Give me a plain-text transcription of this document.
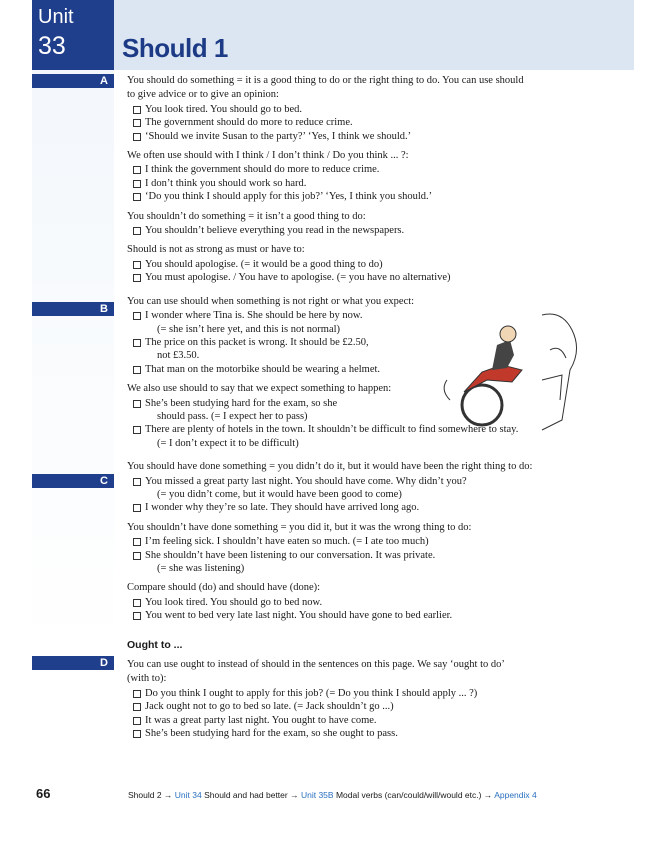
Unit
33 Should 1
A
B
C
D
You should do something = it is a good thing to do or the right thing to do. You can use should
to give advice or to give an opinion:
You look tired. You should go to bed.
The government should do more to reduce crime.
‘Should we invite Susan to the party?’ ‘Yes, I think we should.’
We often use should with I think / I don’t think / Do you think ... ?:
I think the government should do more to reduce crime.
I don’t think you should work so hard.
‘Do you think I should apply for this job?’ ‘Yes, I think you should.’
You shouldn’t do something = it isn’t a good thing to do:
You shouldn’t believe everything you read in the newspapers.
Should is not as strong as must or have to:
You should apologise. (= it would be a good thing to do)
You must apologise. / You have to apologise. (= you have no alternative)
You can use should when something is not right or what you expect:
I wonder where Tina is. She should be here by now.
(= she isn’t here yet, and this is not normal)
The price on this packet is wrong. It should be £2.50,
not £3.50.
That man on the motorbike should be wearing a helmet.
We also use should to say that we expect something to happen:
She’s been studying hard for the exam, so she
should pass. (= I expect her to pass)
There are plenty of hotels in the town. It shouldn’t be difficult to find somewhere to stay.
(= I don’t expect it to be difficult)
You should have done something = you didn’t do it, but it would have been the right thing to do:
You missed a great party last night. You should have come. Why didn’t you?
(= you didn’t come, but it would have been good to come)
I wonder why they’re so late. They should have arrived long ago.
You shouldn’t have done something = you did it, but it was the wrong thing to do:
I’m feeling sick. I shouldn’t have eaten so much. (= I ate too much)
She shouldn’t have been listening to our conversation. It was private.
(= she was listening)
Compare should (do) and should have (done):
You look tired. You should go to bed now.
You went to bed very late last night. You should have gone to bed earlier.
Ought to ...
You can use ought to instead of should in the sentences on this page. We say ‘ought to do’
(with to):
Do you think I ought to apply for this job? (= Do you think I should apply ... ?)
Jack ought not to go to bed so late. (= Jack shouldn’t go ...)
It was a great party last night. You ought to have come.
She’s been studying hard for the exam, so she ought to pass.
66	Should 2 → Unit 34 Should and had better → Unit 35B Modal verbs (can/could/will/would etc.) → Appendix 4
